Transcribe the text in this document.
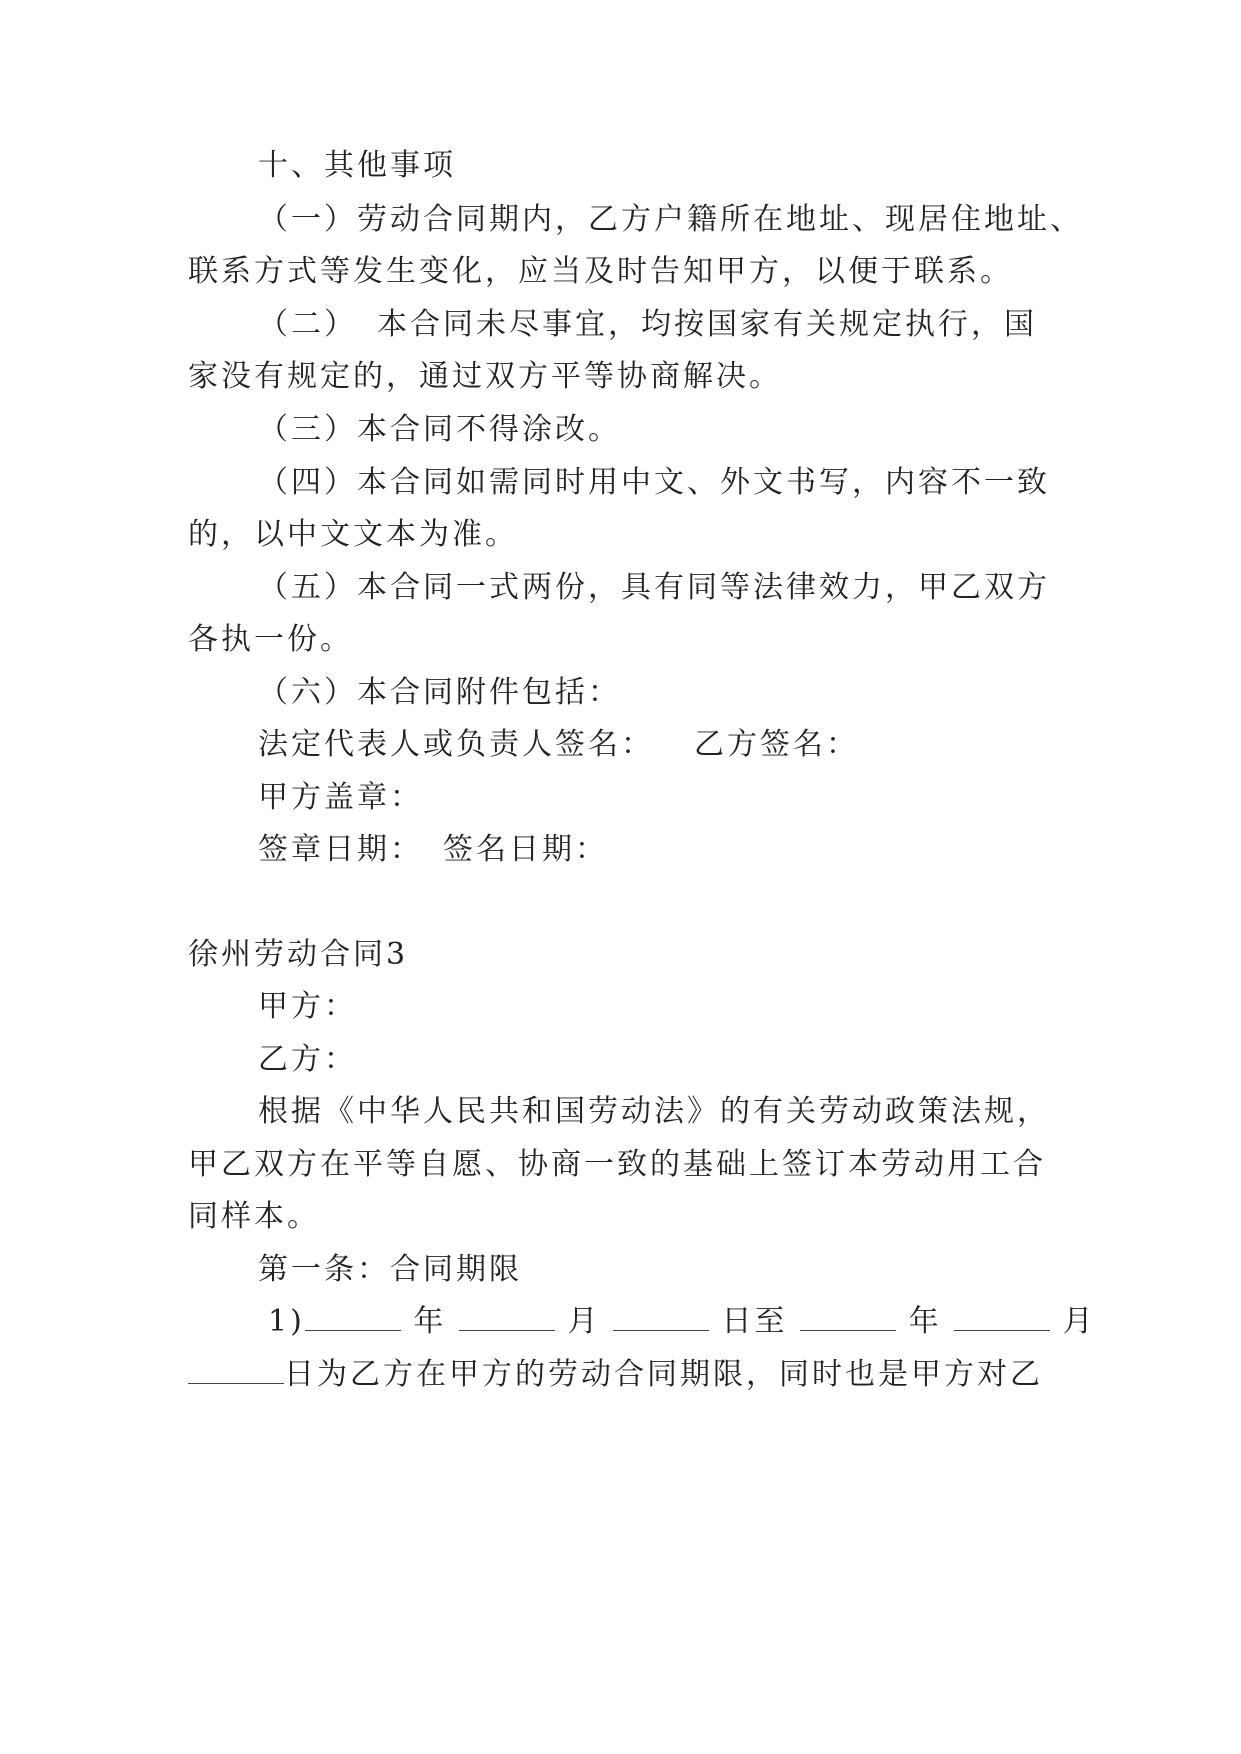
十、其他事项
（一）劳动合同期内，乙方户籍所在地址、现居住地址、
联系方式等发生变化，应当及时告知甲方，以便于联系。
（二） 本合同未尽事宜，均按国家有关规定执行，国
家没有规定的，通过双方平等协商解决。
（三）本合同不得涂改。
（四）本合同如需同时用中文、外文书写，内容不一致
的，以中文文本为准。
（五）本合同一式两份，具有同等法律效力，甲乙双方
各执一份。
（六）本合同附件包括：
法定代表人或负责人签名： 乙方签名：
甲方盖章：
签章日期： 签名日期：
徐州劳动合同3
甲方：
乙方：
根据《中华人民共和国劳动法》的有关劳动政策法规，
甲乙双方在平等自愿、协商一致的基础上签订本劳动用工合
同样本。
第一条：合同期限
1)	年	月	日至	年	月
日为乙方在甲方的劳动合同期限，同时也是甲方对乙
